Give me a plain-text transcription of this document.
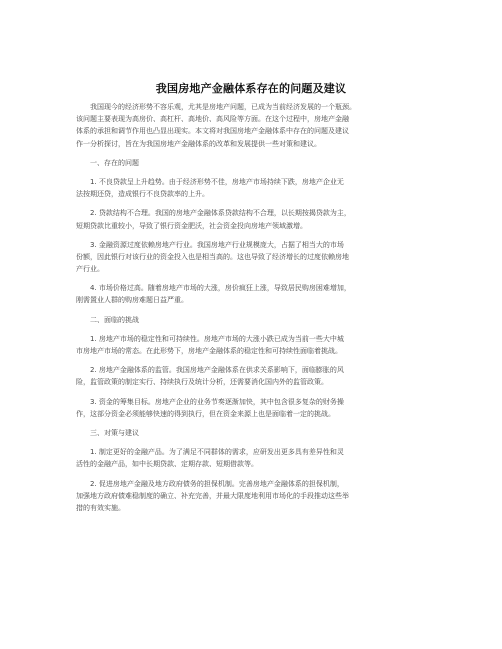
我国房地产金融体系存在的问题及建议
我国现今的经济形势不容乐观，尤其是房地产问题，已成为当前经济发展的一个瓶颈。
该问题主要表现为高房价、高杠杆、高地价、高风险等方面。在这个过程中，房地产金融
体系的承担和调节作用也凸显出现实。本文将对我国房地产金融体系中存在的问题及建议
作一分析探讨，旨在为我国房地产金融体系的改革和发展提供一些对策和建议。
一、存在的问题
1. 不良贷款呈上升趋势。由于经济形势不佳，房地产市场持续下跌，房地产企业无
法按期还贷，造成银行不良贷款率的上升。
2. 贷款结构不合理。我国的房地产金融体系贷款结构不合理，以长期按揭贷款为主，
短期贷款比重较小，导致了银行资金肥沃，社会资金投向房地产领域激增。
3. 金融资源过度依赖房地产行业。我国房地产行业规模庞大，占据了相当大的市场
份额，因此银行对该行业的资金投入也是相当高的。这也导致了经济增长的过度依赖房地
产行业。
4. 市场价格过高。随着房地产市场的大涨，房价疯狂上涨，导致居民购房困难增加，
刚需置业人群的购房难题日益严重。
二、面临的挑战
1. 房地产市场的稳定性和可持续性。房地产市场的大涨小跌已成为当前一些大中城
市房地产市场的常态。在此形势下，房地产金融体系的稳定性和可持续性面临着挑战。
2. 房地产金融体系的监管。我国房地产金融体系在供求关系影响下，面临膨胀的风
险，监管政策的制定实行、持续执行及统计分析，还需要消化国内外的监管政策。
3. 资金的筹集目标。房地产企业的业务节奏逐渐加快，其中包含很多复杂的财务操
作，这部分资金必须能够快速的得到执行，但在资金来源上也是面临着一定的挑战。
三、对策与建议
1. 制定更好的金融产品。为了满足不同群体的需求，应研发出更多具有差异性和灵
活性的金融产品，如中长期贷款、定期存款、短期借款等。
2. 促进房地产金融及地方政府债务的担保机制。完善房地产金融体系的担保机制，
加强地方政府债难稳制度的确立、补充完善，并最大限度地利用市场化的手段推动这些举
措的有效实施。
